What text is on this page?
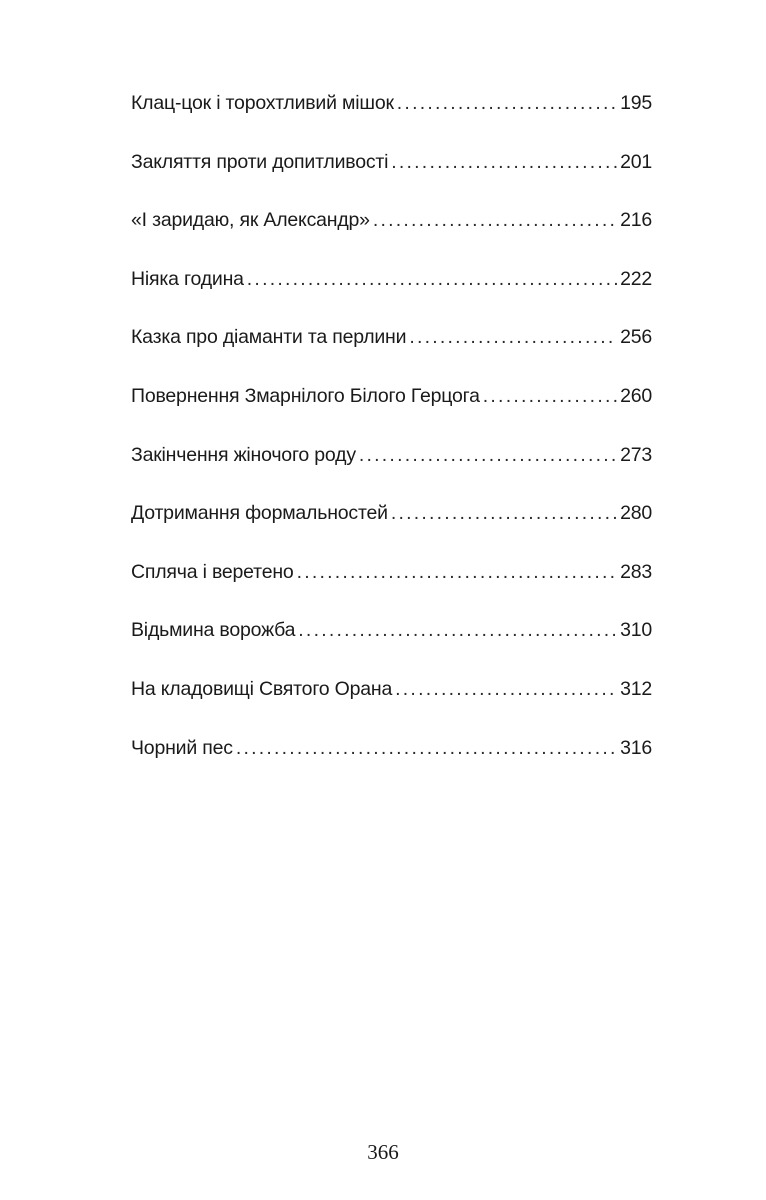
Клац-цок і торохтливий мішок . . .	195
Закляття проти допитливості . . .	201
«І заридаю, як Александр» . . .	216
Ніяка година . . .	222
Казка про діаманти та перлини . . .	256
Повернення Змарнілого Білого Герцога . . .	260
Закінчення жіночого роду . . .	273
Дотримання формальностей . . .	280
Спляча і веретено . . .	283
Відьмина ворожба . . .	310
На кладовищі Святого Орана . . .	312
Чорний пес . . .	316
366
